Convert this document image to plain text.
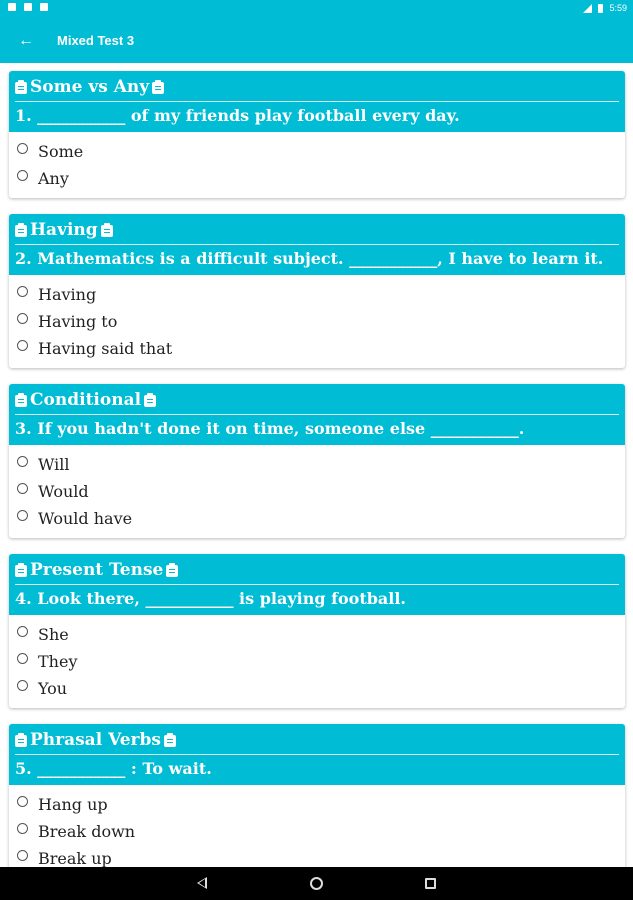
5:59
← Mixed Test 3
Some vs Any
1. ___________ of my friends play football every day.
Some
Any
Having
2. Mathematics is a difficult subject. ___________, I have to learn it.
Having
Having to
Having said that
Conditional
3. If you hadn't done it on time, someone else ___________.
Will
Would
Would have
Present Tense
4. Look there, ___________ is playing football.
She
They
You
Phrasal Verbs
5. ___________ : To wait.
Hang up
Break down
Break up
